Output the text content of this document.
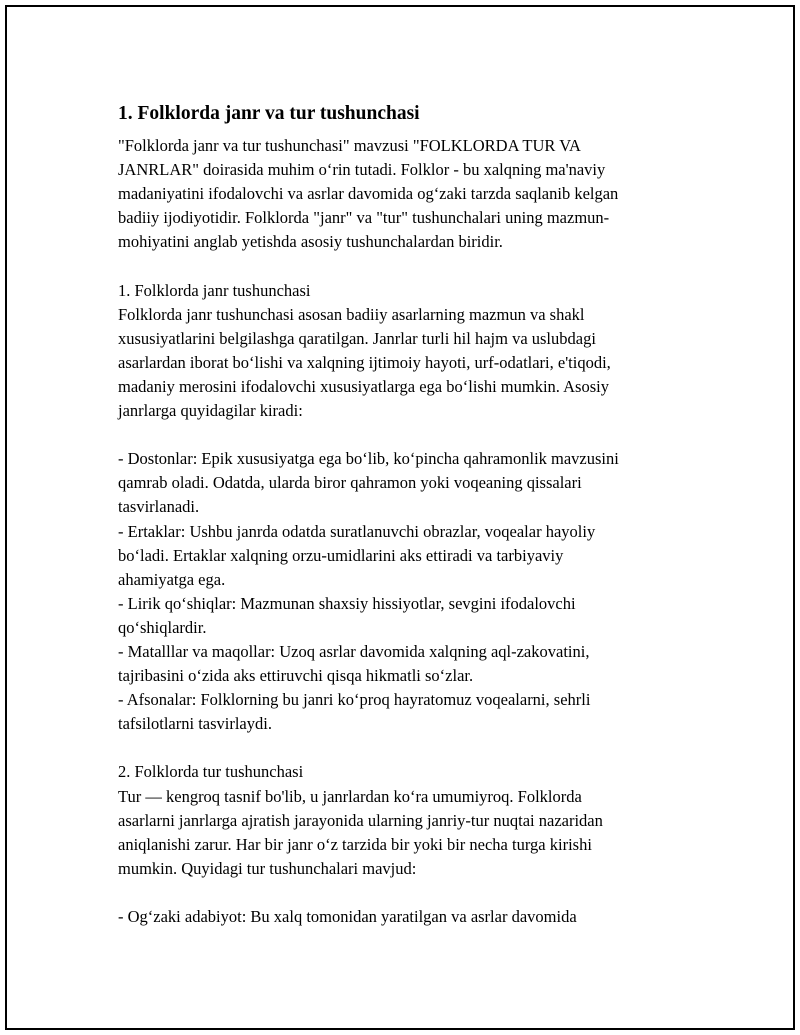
1. Folklorda janr va tur tushunchasi
"Folklorda janr va tur tushunchasi" mavzusi "FOLKLORDA TUR VA
JANRLAR" doirasida muhim o‘rin tutadi. Folklor - bu xalqning ma'naviy
madaniyatini ifodalovchi va asrlar davomida og‘zaki tarzda saqlanib kelgan
badiiy ijodiyotidir. Folklorda "janr" va "tur" tushunchalari uning mazmun-
mohiyatini anglab yetishda asosiy tushunchalardan biridir.
1. Folklorda janr tushunchasi
Folklorda janr tushunchasi asosan badiiy asarlarning mazmun va shakl
xususiyatlarini belgilashga qaratilgan. Janrlar turli hil hajm va uslubdagi
asarlardan iborat bo‘lishi va xalqning ijtimoiy hayoti, urf-odatlari, e'tiqodi,
madaniy merosini ifodalovchi xususiyatlarga ega bo‘lishi mumkin. Asosiy
janrlarga quyidagilar kiradi:
- Dostonlar: Epik xususiyatga ega bo‘lib, ko‘pincha qahramonlik mavzusini
qamrab oladi. Odatda, ularda biror qahramon yoki voqeaning qissalari
tasvirlanadi.
- Ertaklar: Ushbu janrda odatda suratlanuvchi obrazlar, voqealar hayoliy
bo‘ladi. Ertaklar xalqning orzu-umidlarini aks ettiradi va tarbiyaviy
ahamiyatga ega.
- Lirik qo‘shiqlar: Mazmunan shaxsiy hissiyotlar, sevgini ifodalovchi
qo‘shiqlardir.
- Matalllar va maqollar: Uzoq asrlar davomida xalqning aql-zakovatini,
tajribasini o‘zida aks ettiruvchi qisqa hikmatli so‘zlar.
- Afsonalar: Folklorning bu janri ko‘proq hayratomuz voqealarni, sehrli
tafsilotlarni tasvirlaydi.
2. Folklorda tur tushunchasi
Tur — kengroq tasnif bo'lib, u janrlardan ko‘ra umumiyroq. Folklorda
asarlarni janrlarga ajratish jarayonida ularning janriy-tur nuqtai nazaridan
aniqlanishi zarur. Har bir janr o‘z tarzida bir yoki bir necha turga kirishi
mumkin. Quyidagi tur tushunchalari mavjud:
- Og‘zaki adabiyot: Bu xalq tomonidan yaratilgan va asrlar davomida
